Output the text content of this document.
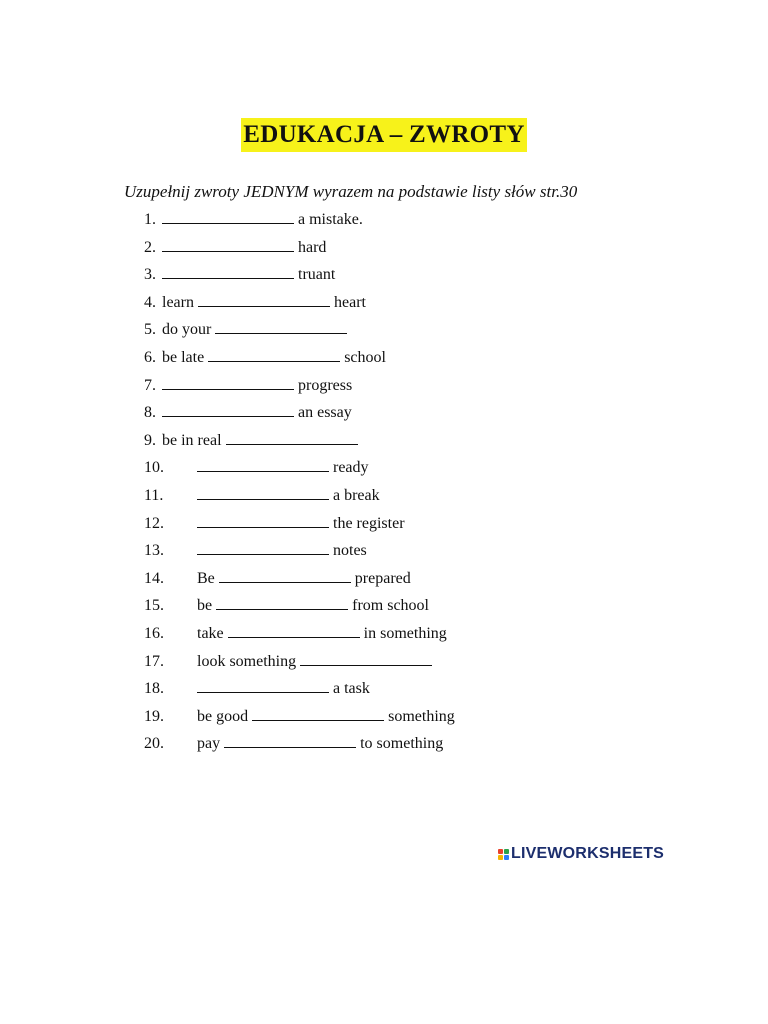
EDUKACJA – ZWROTY
Uzupełnij zwroty JEDNYM wyrazem na podstawie listy słów str.30
1.	a mistake.
2.	hard
3.	truant
4. learn	heart
5. do your
6. be late	school
7.	progress
8.	an essay
9. be in real
10.	ready
11.	a break
12.	the register
13.	notes
14. Be	prepared
15. be	from school
16. take	in something
17. look something
18.	a task
19. be good	something
20. pay	to something
LIVEWORKSHEETS
